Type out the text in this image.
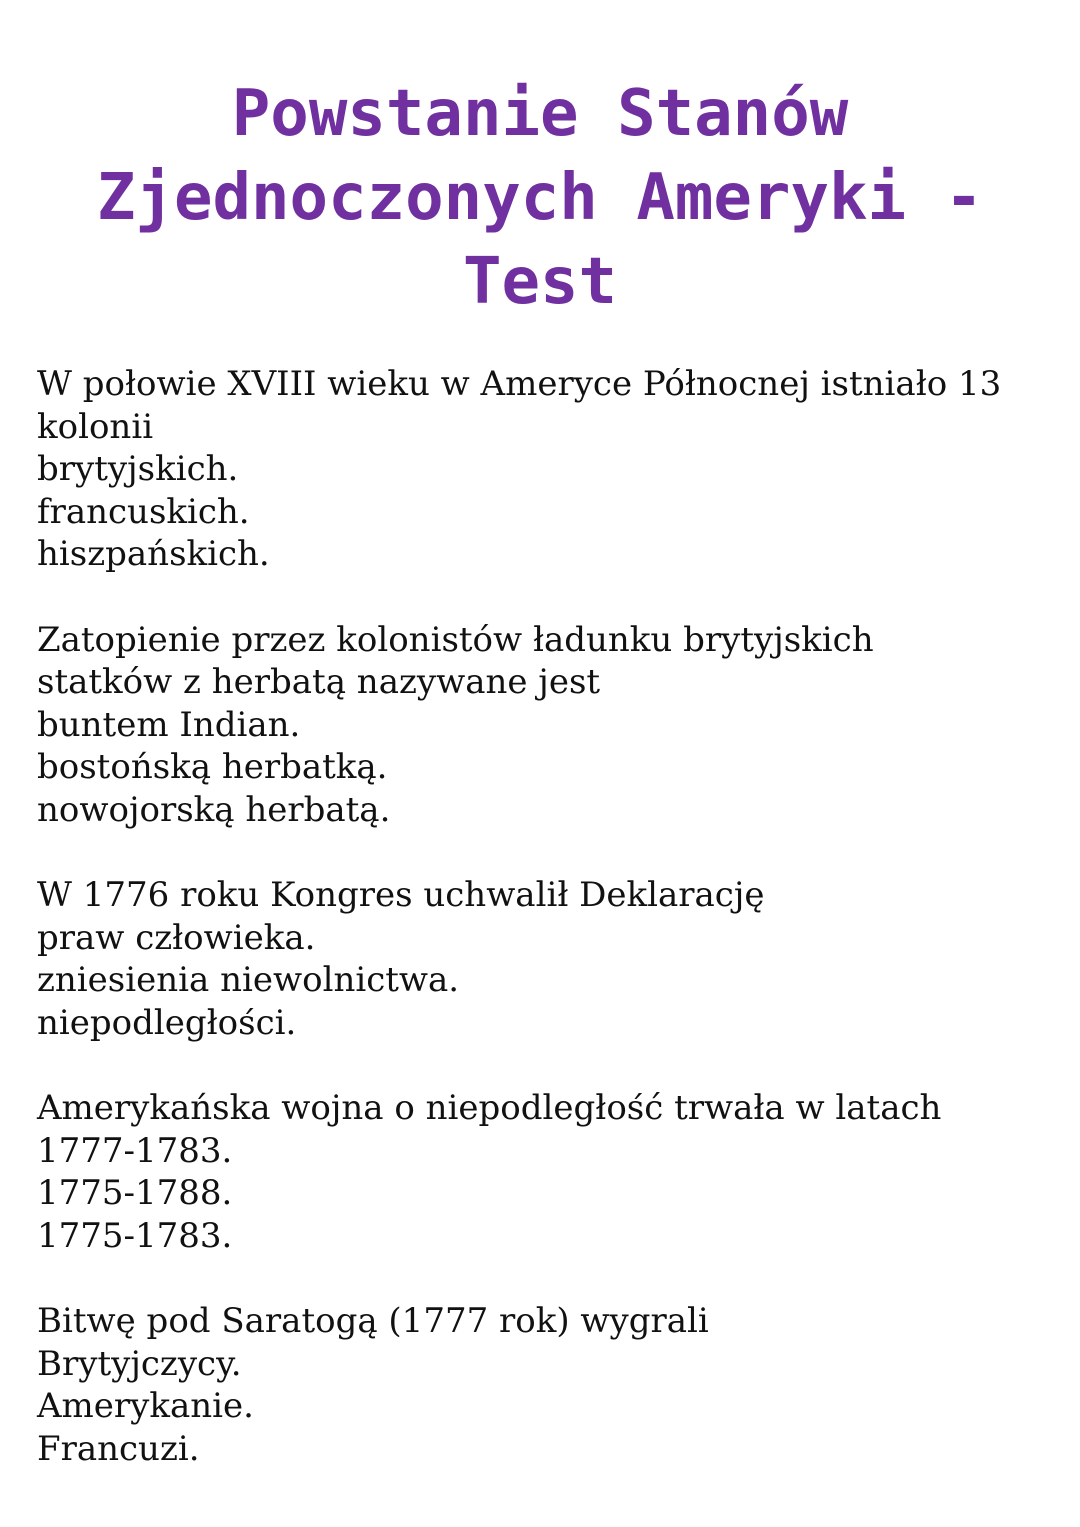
Powstanie Stanów
Zjednoczonych Ameryki -
Test

W połowie XVIII wieku w Ameryce Północnej istniało 13

kolonii

brytyjskich.

francuskich.

hiszpańskich.

Zatopienie przez kolonistów ładunku brytyjskich

statków z herbatą nazywane jest

buntem Indian.

bostońską herbatką.

nowojorską herbatą.

W 1776 roku Kongres uchwalił Deklarację

praw człowieka.

zniesienia niewolnictwa.

niepodległości.

Amerykańska wojna o niepodległość trwała w latach

1777-1783.

1775-1788.

1775-1783.

Bitwę pod Saratogą (1777 rok) wygrali

Brytyjczycy.

Amerykanie.

Francuzi.
